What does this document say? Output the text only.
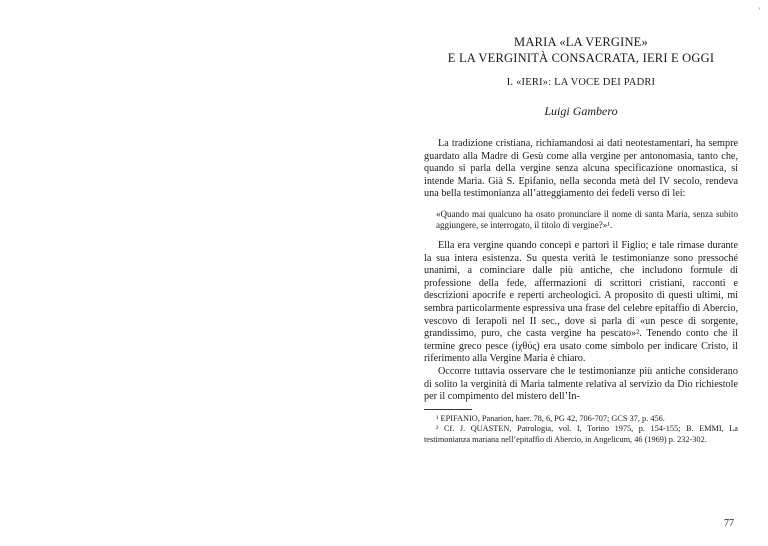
'
MARIA «LA VERGINE»
E LA VERGINITÀ CONSACRATA, IERI E OGGI
I. «IERI»: LA VOCE DEI PADRI
Luigi Gambero

La tradizione cristiana, richiamandosi ai dati neotestamentari, ha sempre guardato alla Madre di Gesù come alla vergine per antonomasia, tanto che, quando si parla della vergine senza alcuna specificazione onomastica, si intende Maria. Già S. Epifanio, nella seconda metà del IV secolo, rendeva una bella testimonianza all’atteggiamento dei fedeli verso di lei:

«Quando mai qualcuno ha osato pronunciare il nome di santa Maria, senza subito aggiungere, se interrogato, il titolo di vergine?»¹.

Ella era vergine quando concepì e partorì il Figlio; e tale rimase durante la sua intera esistenza. Su questa verità le testimonianze sono pressoché unanimi, a cominciare dalle più antiche, che includono formule di professione della fede, affermazioni di scrittori cristiani, racconti e descrizioni apocrife e reperti archeologici. A proposito di questi ultimi, mi sembra particolarmente espressiva una frase del celebre epitaffio di Abercio, vescovo di Ierapoli nel II sec., dove si parla di «un pesce di sorgente, grandissimo, puro, che casta vergine ha pescato»². Tenendo conto che il termine greco pesce (ἰχθύς) era usato come simbolo per indicare Cristo, il riferimento alla Vergine Maria è chiaro.

Occorre tuttavia osservare che le testimonianze più antiche considerano di solito la verginità di Maria talmente relativa al servizio da Dio richiestole per il compimento del mistero dell’In-

¹ EPIFANIO, Panarion, haer. 78, 6, PG 42, 706-707; GCS 37, p. 456.

² Cf. J. QUASTEN, Patrologia, vol. I, Torino 1975, p. 154-155; B. EMMI, La testimonianza mariana nell’epitaffio di Abercio, in Angelicum, 46 (1969) p. 232-302.

77
